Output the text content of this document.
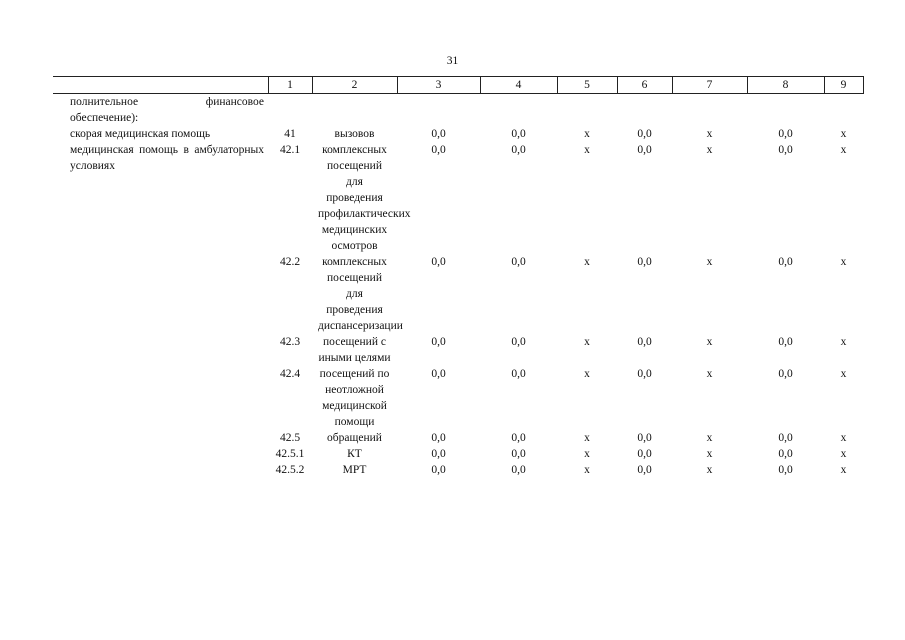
31
	1	2	3	4	5	6	7	8	9

полнительное финансовое
обеспечение):									

скорая медицинская помощь	41	вызовов	0,0	0,0	x	0,0	x	0,0	x

медицинская помощь в амбулаторных условиях	42.1	комплексных посещений для проведения профилактических медицинских осмотров	0,0	0,0	x	0,0	x	0,0	x
	42.2	комплексных посещений для проведения диспансеризации	0,0	0,0	x	0,0	x	0,0	x
	42.3	посещений с иными целями	0,0	0,0	x	0,0	x	0,0	x
	42.4	посещений по неотложной медицинской помощи	0,0	0,0	x	0,0	x	0,0	x
	42.5	обращений	0,0	0,0	x	0,0	x	0,0	x
	42.5.1	КТ	0,0	0,0	x	0,0	x	0,0	x
	42.5.2	МРТ	0,0	0,0	x	0,0	x	0,0	x
